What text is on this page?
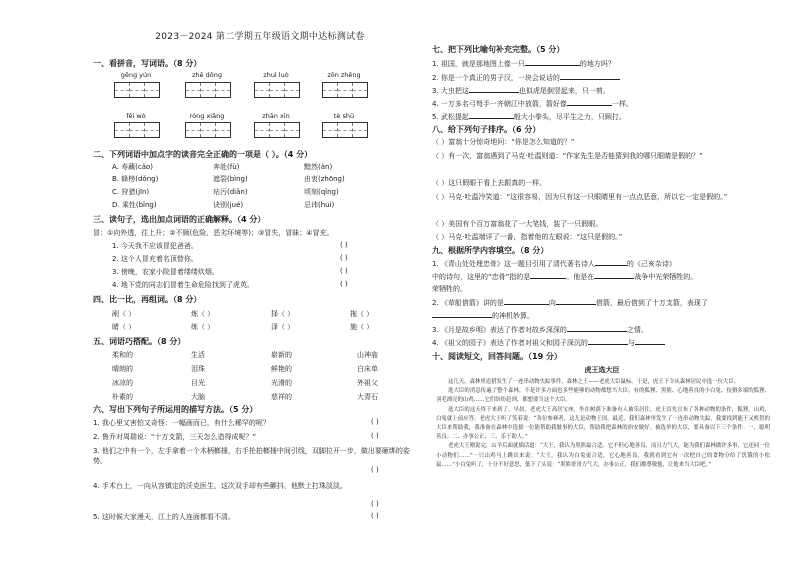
2023－2024 第二学期五年级语文期中达标测试卷
一、看拼音，写词语。（8 分）
gēng yún	zhě dǒng	zhuì luò	zōn zhěng
fěi wò	róng xiǎng	zhān xīn	tè shū
二、下列词语中加点字的读音完全正确的一项是（ ）。（4 分）
A. 寿藏(cǎo)	奔赴(fù)	黯然(àn)
B. 蜂榜(dǒng)	遮裂(bìng)	由衷(zhōng)
C. 狩猎(jīn)	玷污(diǎn)	顷刻(qǐng)
D. 乘性(bǐng)	诀别(jué)	忌讳(huì)
三、读句子，选出加点词语的正确解释。（4 分）
冒：①向外透，往上升；②不顾(危险、恶劣环境等)；③冒失，冒昧；④冒充。
1. 今天我不应该冒犯爸爸。
2. 这个人冒充着名顶替你。
3. 傍晚，农家小院冒着缕缕炊烟。
4. 地下党的同志们冒着生命危险找到了虎英。
( )
( )
( )
( )
四、比一比，再组词。（8 分）
剐（ ）	炼（ ）	择（ ）	拖（ ）
睹（ ）	练（ ）	泽（ ）	施（ ）
五、词语巧搭配。（8 分）
柔和的	生活	崭新的	山神庙
晴朗的	泪珠	鲜艳的	白床单
冰凉的	目光	光滑的	外祖父
朴素的	大脑	慈祥的	大青石
六、写出下列句子所运用的描写方法。（5 分）
1. 我心里又害怕又奇怪：一幅画而已，有什么稀罕的呢？
2. 鲁乔对周瑞说：“十万支箭，三天怎么造得成呢？”
3. 他们之中有一个，左手拿着一个木柄榔捶，右手抡拍榔捶中间引线，双脚拉开一步，做出要砸绑的姿势。
4. 手术台上，一向从容镇定的沃克医生，这次双手却有些颤抖，他默上打珠淡淡。
5. 这时候大家漫天，江上的人连面都看不清。
( )
( )
( )
( )
( )
七、把下列比喻句补充完整。（5 分）
1. 祖国，就是那地图上像一只	的地方吗？
2. 你是一个真正的男子汉，一块会说话的
3. 大虫把这	也似虎尾倒竖起来，只一剪。
4. 一万多名弓弩手一齐朝江中放箭，箭好像	一样。
5. 武松提起	般大小拳头，尽平生之力，只顾打。
八、给下列句子排序。（6 分）
（ ）富翁十分惊奇地问：“你是怎么知道的？”
（ ）有一次，富翁遇到了马克·吐温则道：“作家先生是否能猜到我的哪只眼睛是假的？”
（ ）这只假眼干看上去跟真的一样。
（ ）马克·吐温冷笑道：“这很容易，因为只有这一只眼睛里有一点点恶意，所以它一定是假的。”
（ ）美国有个百万富翁花了一大笔钱，装了一只假眼。
（ ）马克·吐温端详了一番，指着他的左眼说：“这只是假的。”
九、根据所学内容填空。（8 分）
1. 《青山处处埋忠骨》这一题目引用了清代著名诗人	的《己亥杂诗》
中的诗句，这里的“忠骨”指的是	。他是在	战争中光荣牺牲的。
荣牺牲的。
2. 《草船借箭》讲的是	向	借箭，最后借到了十万支箭，表现了
的神机妙算。
3. 《月是故乡明》表达了作者对故乡深深的	之情。
4. 《祖父的园子》表达了作者对祖父和园子深沉的	与
十、阅读短文，回答问题。（19 分）
虎王选大臣

这几天，森林里追猎发生了一连串动物失踪事件，森林之王——老虎大臣鼠标。于是，虎王下令从森林居民中选一位大臣。

选大臣的消息传遍了整个森林，不是许多方面也多些能够的动物都想当大臣，有的狐狸、黑熊、心地善良的小白兔、狡猾多端的狐狸、羽毛漂亮的山鸡……它们纷纷赶到，都想要当这个大臣。

选大臣的这天终于来到了。早晨，老虎大王高居宝座，坐在树荫下准备有人被乐居住，虎王首先宣布了各种动物的条件，狐狸，山鸡，白兔就上前应答。老虎大王听了笑着说：“各位参赛者，这儿是动物王国，最近，我们森林里发生了一连串动物失踪，我要找到能干又机智的大臣来帮助我，我准备在森林中选拔一位能帮助我做事的大臣，帮助我把森林的治安做好。被选举的大臣，要具备以下三个条件：一、聪明善良；二、办事公正；三、乐于助人。”

老虎大王刚说完，山羊后面就插话道：“大王，我认为黑熊最合适。它不但心地善良，而且力气大，能为我们森林做许多事，它还同一位小动物们……”一只山鸡马上跳出来说：“大王，我认为白兔更合适，它心地善良，我就看到它有一次把自己的食物分给了饥饿的小松鼠……”小白兔听了，十分不好意思，低下了头说：“黑熊哥哥力气大，办事公正，我们都尊敬他，让他来当大臣吧。”
